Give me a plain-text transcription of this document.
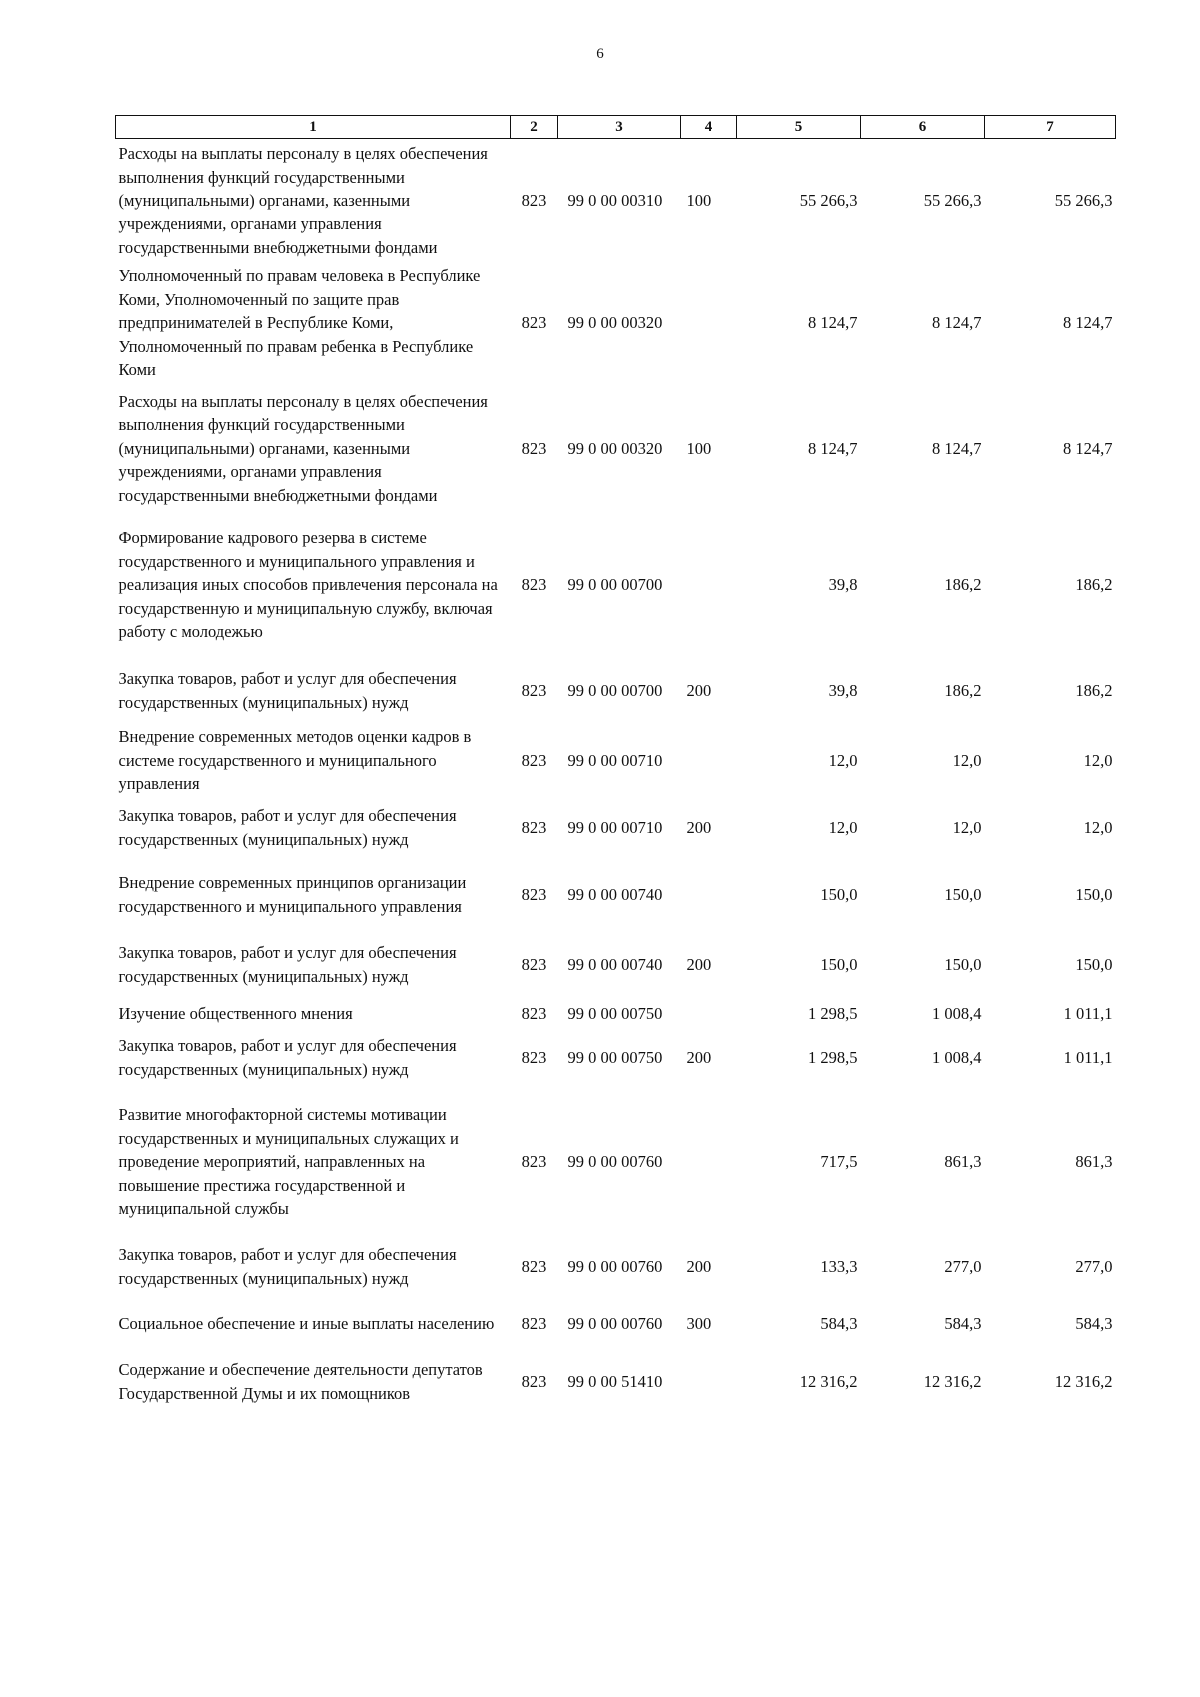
6
1	2	3	4	5	6	7
Расходы на выплаты персоналу в целях обеспечения выполнения функций государственными (муниципальными) органами, казенными учреждениями, органами управления государственными внебюджетными фондами	823	99 0 00 00310	100	55 266,3	55 266,3	55 266,3
Уполномоченный по правам человека в Республике Коми, Уполномоченный по защите прав предпринимателей в Республике Коми, Уполномоченный по правам ребенка в Республике Коми	823	99 0 00 00320		8 124,7	8 124,7	8 124,7
Расходы на выплаты персоналу в целях обеспечения выполнения функций государственными (муниципальными) органами, казенными учреждениями, органами управления государственными внебюджетными фондами	823	99 0 00 00320	100	8 124,7	8 124,7	8 124,7
Формирование кадрового резерва в системе государственного и муниципального управления и реализация иных способов привлечения персонала на государственную и муниципальную службу, включая работу с молодежью	823	99 0 00 00700		39,8	186,2	186,2
Закупка товаров, работ и услуг для обеспечения государственных (муниципальных) нужд	823	99 0 00 00700	200	39,8	186,2	186,2
Внедрение современных методов оценки кадров в системе государственного и муниципального управления	823	99 0 00 00710		12,0	12,0	12,0
Закупка товаров, работ и услуг для обеспечения государственных (муниципальных) нужд	823	99 0 00 00710	200	12,0	12,0	12,0
Внедрение современных принципов организации государственного и муниципального управления	823	99 0 00 00740		150,0	150,0	150,0
Закупка товаров, работ и услуг для обеспечения государственных (муниципальных) нужд	823	99 0 00 00740	200	150,0	150,0	150,0
Изучение общественного мнения	823	99 0 00 00750		1 298,5	1 008,4	1 011,1
Закупка товаров, работ и услуг для обеспечения государственных (муниципальных) нужд	823	99 0 00 00750	200	1 298,5	1 008,4	1 011,1
Развитие многофакторной системы мотивации государственных и муниципальных служащих и проведение мероприятий, направленных на повышение престижа государственной и муниципальной службы	823	99 0 00 00760		717,5	861,3	861,3
Закупка товаров, работ и услуг для обеспечения государственных (муниципальных) нужд	823	99 0 00 00760	200	133,3	277,0	277,0
Социальное обеспечение и иные выплаты населению	823	99 0 00 00760	300	584,3	584,3	584,3
Содержание и обеспечение деятельности депутатов Государственной Думы и их помощников	823	99 0 00 51410		12 316,2	12 316,2	12 316,2
